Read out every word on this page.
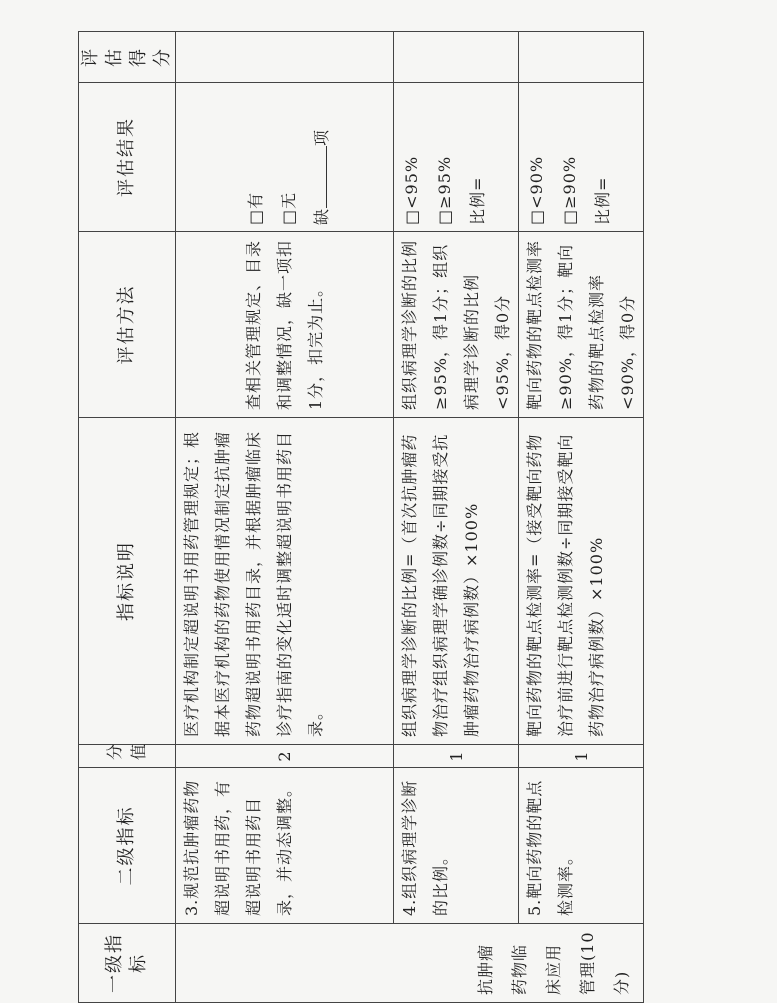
一级指标	二级指标	分 值	指标说明	评估方法	评估结果	评估 得分

抗肿瘤药物临床应用管理(10分)	3.规范抗肿瘤药物超说明书用药，有超说明书用药目录，并动态调整。	2	医疗机构制定超说明书用药管理规定；根据本医疗机构的药物使用情况制定抗肿瘤药物超说明书用药目录，并根据肿瘤临床诊疗指南的变化适时调整超说明书用药目录。	查相关管理规定、目录和调整情况，缺一项扣1分，扣完为止。	□有 □无 缺项	

	4.组织病理学诊断的比例。	1	组织病理学诊断的比例=（首次抗肿瘤药物治疗组织病理学确诊例数÷同期接受抗肿瘤药物治疗病例数）×100%	组织病理学诊断的比例≥95%，得1分；组织病理学诊断的比例<95%，得0分	□<95% □≥95% 比例=	

	5.靶向药物的靶点检测率。	1	靶向药物的靶点检测率=（接受靶向药物治疗前进行靶点检测例数÷同期接受靶向药物治疗病例数）×100%	靶向药物的靶点检测率≥90%，得1分；靶向药物的靶点检测率<90%，得0分	□<90% □≥90% 比例=	
